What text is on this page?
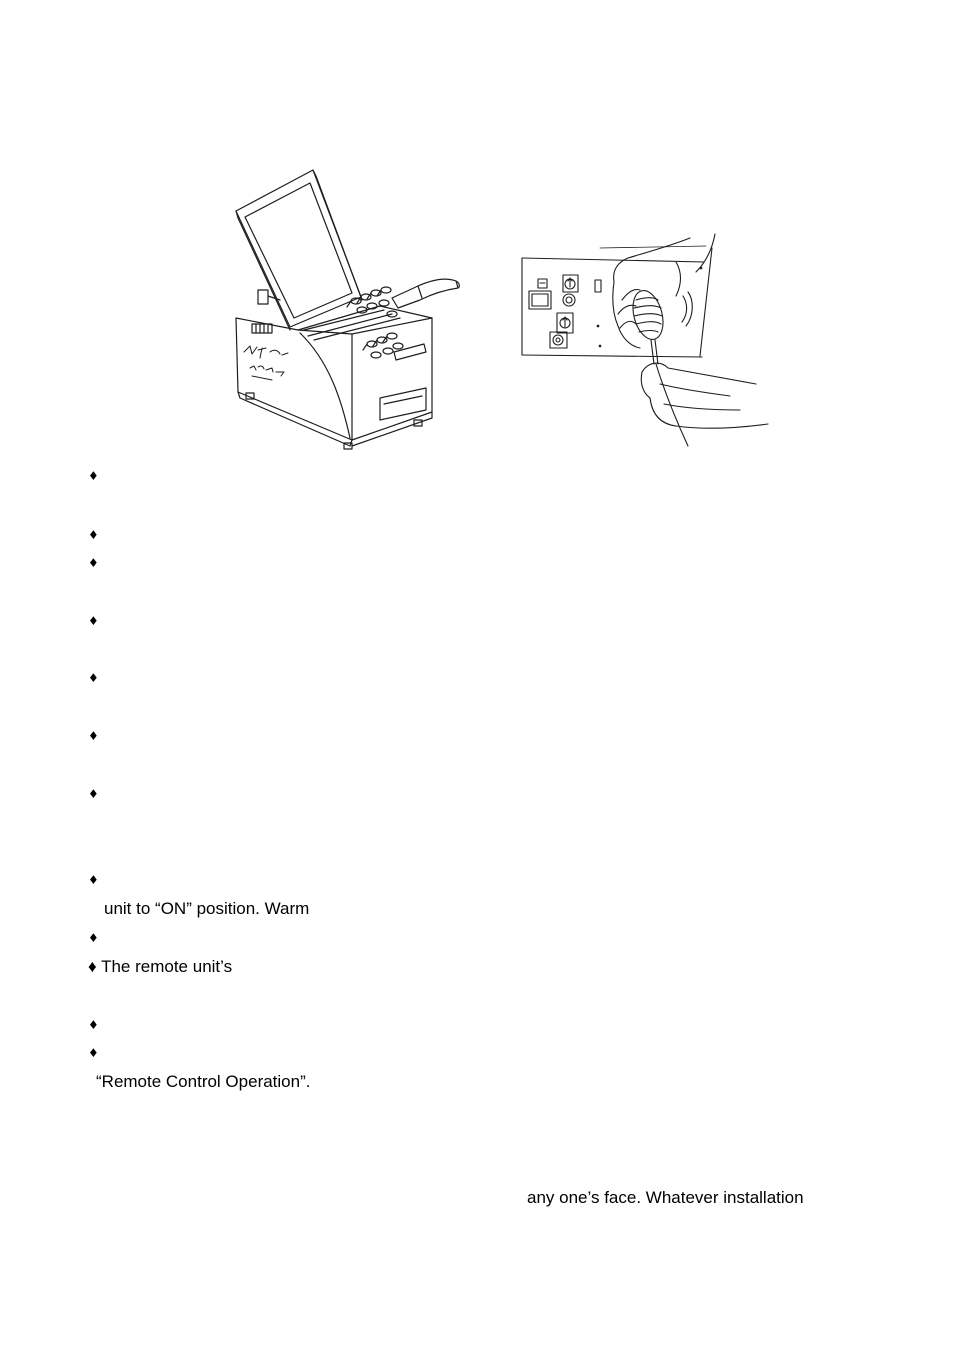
♦
♦
♦
♦
♦
♦
♦
♦
unit to “ON” position. Warm
♦
♦ The remote unit’s
♦
♦
“Remote Control Operation”.
any one’s face. Whatever installation
